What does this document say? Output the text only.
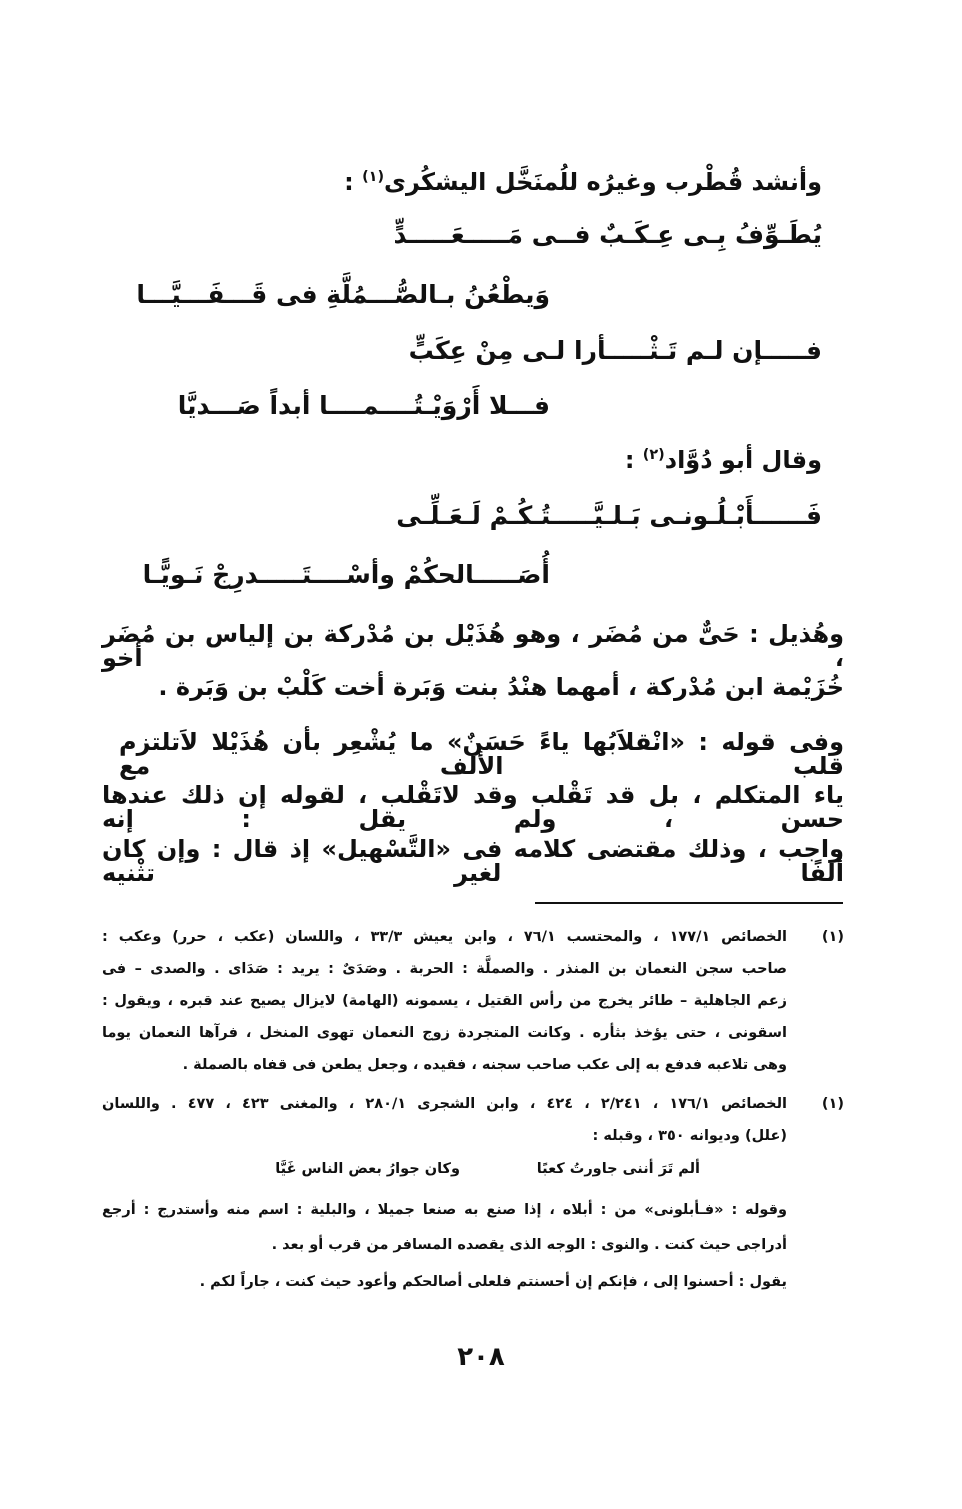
وأنشد قُطْرب وغيرُه للُمنَخَّل اليشكُرى$^{(١)}$ :
يُطَـوِّفُ بِـى عِـكَـبٌ فــى مَـــــعَـــــدٍّ
وَيطْعُنُ بـالصُّـــمُلَّةِ فى قَـــفَـــيَّـــا
فـــــإن لـم تَـثْـــــأرا لـى مِنْ عِكَبٍّ
فـــلا أَرْوَيْـتُــــمــــا أبداً صَـــديَّا
وقال أبو دُوَّاد$^{(٢)}$ :
فَــــــأَبْـلُـونـى بَـلـيَّـــــتُـكُـمْ لَـعَـلِّـى
أُصَـــــالحكُمْ وأسْــــتَـــــدرِجْ نَـويًّـا
وهُذيل : حَىٌّ من مُضَر ، وهو هُذَيْل بن مُدْركة بن إلياس بن مُضَر ، أخو
خُزَيْمة ابن مُدْركة ، أمهما هنْدُ بنت وَبَرة أخت كَلْبْ بن وَبَرة .
وفى قوله : «انْقلاَبُها ياءً حَسَنٌ» ما يُشْعِر بأن هُذَيْلا لاَتلتزم قلب الألف مع
ياء المتكلم ، بل قد تَقْلب وقد لاتَقْلب ، لقوله إن ذلك عندها حسن ، ولم يقل : إنه
واجب ، وذلك مقتضى كلامه فى «التَّسْهيل» إذ قال : وإن كان ألفًا لغير تثْنيه
(١)
الخصائص ١٧٧/١ ، والمحتسب ٧٦/١ ، وابن يعيش ٣٣/٣ ، واللسان (عكب ، حرر) وعكب :
صاحب سجن النعمان بن المنذر . والصملَّة : الحربة . وصَدَىٌ : يريد : صَدَاى . والصدى – فى
زعم الجاهلية – طائر يخرج من رأس القتيل ، يسمونه (الهامة) لايزال يصيح عند قبره ، ويقول :
اسقونى ، حتى يؤخذ بثأره . وكانت المتجردة زوج النعمان تهوى المنخل ، فرآها النعمان يوما
وهى تلاعبه فدفع به إلى عكب صاحب سجنه ، فقيده ، وجعل يطعن فى قفاه بالصملة .
(١)
الخصائص ١٧٦/١ ، ٢/٢٤١ ، ٤٢٤ ، وابن الشجرى ٢٨٠/١ ، والمغنى ٤٢٣ ، ٤٧٧ . واللسان
(علل) وديوانه ٣٥٠ ، وقبله :
ألم تَرَ أننى جاورتُ كعبًا
وكان جوارُ بعض الناس غَيَّا
وقوله : «فـأبلونى» من : أبلاه ، إذا صنع به صنعا جميلا ، والبلية : اسم منه وأستدرج : أرجع
أدراجى حيث كنت . والنوى : الوجه الذى يقصده المسافر من قرب أو بعد .
يقول : أحسنوا إلى ، فإنكم إن أحسنتم فلعلى أصالحكم وأعود حيث كنت ، جاراً لكم .
٢٠٨
